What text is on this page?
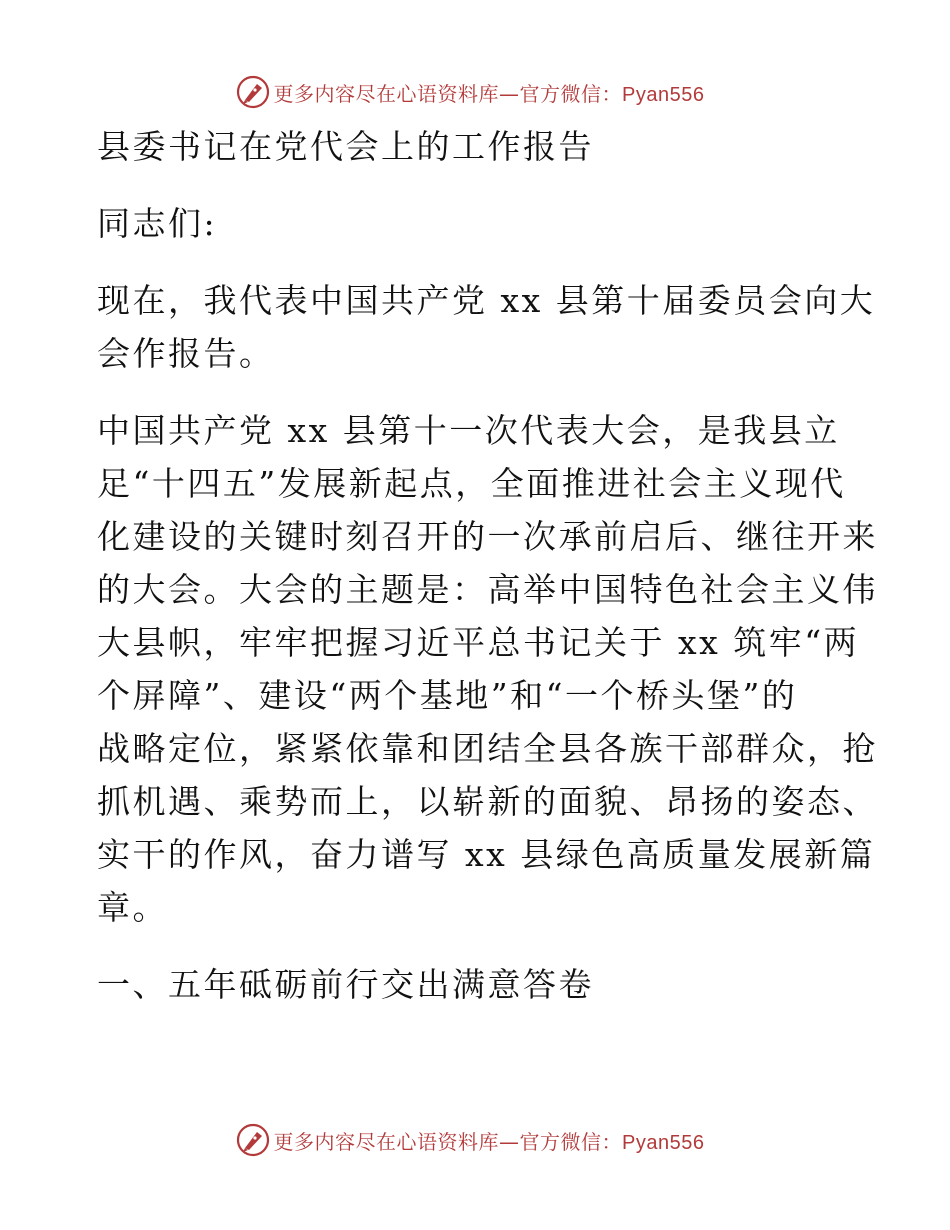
更多内容尽在心语资料库—官方微信：Pyan556
县委书记在党代会上的工作报告
同志们:
现在，我代表中国共产党 xx 县第十届委员会向大
会作报告。
中国共产党 xx 县第十一次代表大会，是我县立
足“十四五”发展新起点，全面推进社会主义现代
化建设的关键时刻召开的一次承前启后、继往开来
的大会。大会的主题是：高举中国特色社会主义伟
大县帜，牢牢把握习近平总书记关于 xx 筑牢“两
个屏障”、建设“两个基地”和“一个桥头堡”的
战略定位，紧紧依靠和团结全县各族干部群众，抢
抓机遇、乘势而上，以崭新的面貌、昂扬的姿态、
实干的作风，奋力谱写 xx 县绿色高质量发展新篇
章。
一、五年砥砺前行交出满意答卷
更多内容尽在心语资料库—官方微信：Pyan556
